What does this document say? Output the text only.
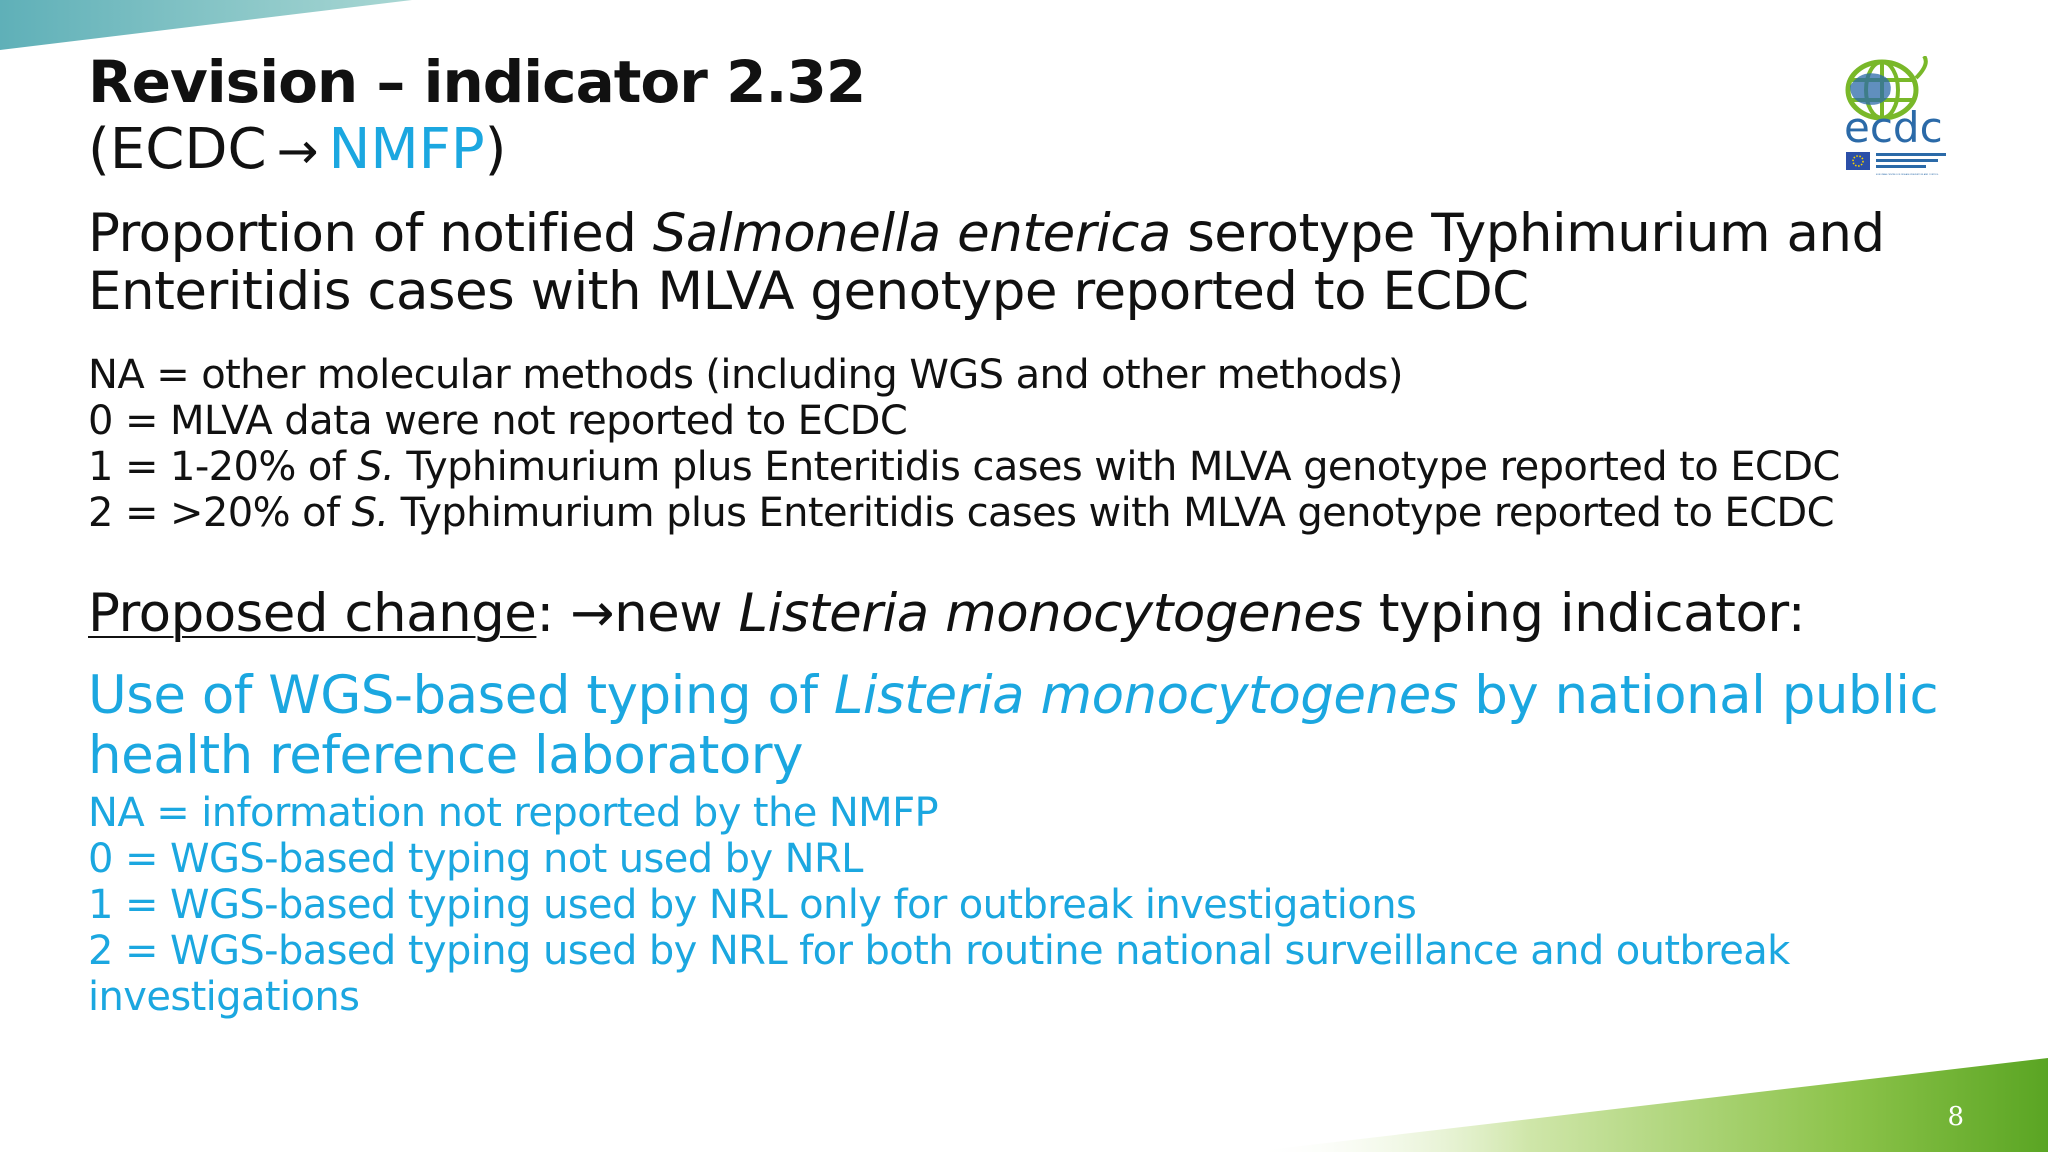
Revision – indicator 2.32
(ECDC → NMFP)	ecdc
EUROPEAN CENTRE FOR DISEASE PREVENTION AND CONTROL

Proportion of notified Salmonella enterica serotype Typhimurium and
Enteritidis cases with MLVA genotype reported to ECDC

NA = other molecular methods (including WGS and other methods)
0 = MLVA data were not reported to ECDC
1 = 1-20% of S. Typhimurium plus Enteritidis cases with MLVA genotype reported to ECDC
2 = >20% of S. Typhimurium plus Enteritidis cases with MLVA genotype reported to ECDC

Proposed change: →new Listeria monocytogenes typing indicator:

Use of WGS-based typing of Listeria monocytogenes by national public
health reference laboratory

NA = information not reported by the NMFP
0 = WGS-based typing not used by NRL
1 = WGS-based typing used by NRL only for outbreak investigations
2 = WGS-based typing used by NRL for both routine national surveillance and outbreak
investigations
8
